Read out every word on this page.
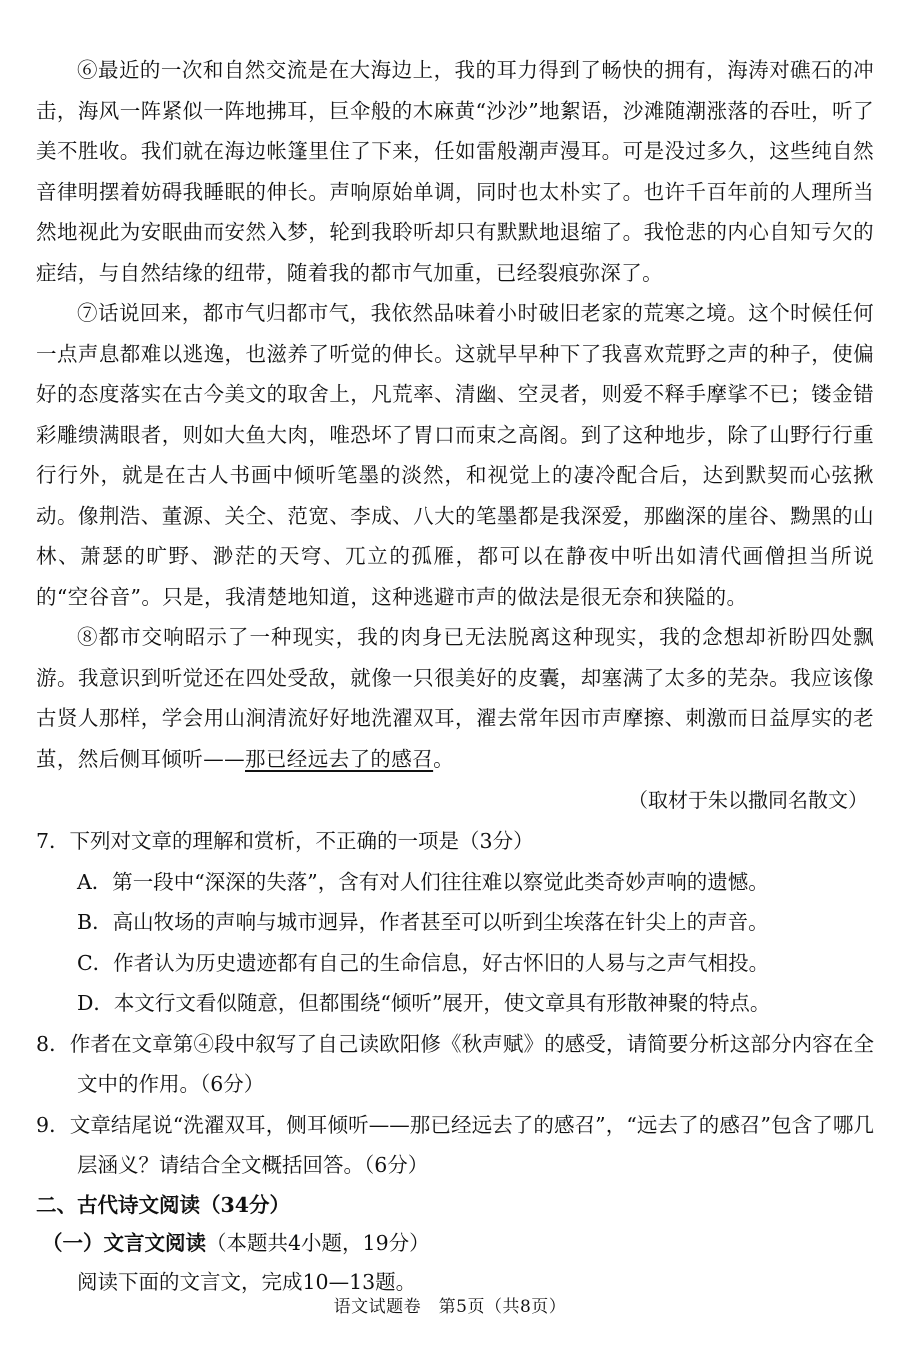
⑥最近的一次和自然交流是在大海边上，我的耳力得到了畅快的拥有，海涛对礁石的冲击，海风一阵紧似一阵地拂耳，巨伞般的木麻黄“沙沙”地絮语，沙滩随潮涨落的吞吐，听了美不胜收。我们就在海边帐篷里住了下来，任如雷般潮声漫耳。可是没过多久，这些纯自然音律明摆着妨碍我睡眠的伸长。声响原始单调，同时也太朴实了。也许千百年前的人理所当然地视此为安眠曲而安然入梦，轮到我聆听却只有默默地退缩了。我怆悲的内心自知亏欠的症结，与自然结缘的纽带，随着我的都市气加重，已经裂痕弥深了。

⑦话说回来，都市气归都市气，我依然品味着小时破旧老家的荒寒之境。这个时候任何一点声息都难以逃逸，也滋养了听觉的伸长。这就早早种下了我喜欢荒野之声的种子，使偏好的态度落实在古今美文的取舍上，凡荒率、清幽、空灵者，则爱不释手摩挲不已；镂金错彩雕缋满眼者，则如大鱼大肉，唯恐坏了胃口而束之高阁。到了这种地步，除了山野行行重行行外，就是在古人书画中倾听笔墨的淡然，和视觉上的凄冷配合后，达到默契而心弦揪动。像荆浩、董源、关仝、范宽、李成、八大的笔墨都是我深爱，那幽深的崖谷、黝黑的山林、萧瑟的旷野、渺茫的天穹、兀立的孤雁，都可以在静夜中听出如清代画僧担当所说的“空谷音”。只是，我清楚地知道，这种逃避市声的做法是很无奈和狭隘的。

⑧都市交响昭示了一种现实，我的肉身已无法脱离这种现实，我的念想却祈盼四处飘游。我意识到听觉还在四处受敌，就像一只很美好的皮囊，却塞满了太多的芜杂。我应该像古贤人那样，学会用山涧清流好好地洗濯双耳，濯去常年因市声摩擦、刺激而日益厚实的老茧，然后侧耳倾听——那已经远去了的感召。

（取材于朱以撒同名散文）

7．下列对文章的理解和赏析，不正确的一项是（3分）

A．第一段中“深深的失落”，含有对人们往往难以察觉此类奇妙声响的遗憾。

B．高山牧场的声响与城市迥异，作者甚至可以听到尘埃落在针尖上的声音。

C．作者认为历史遗迹都有自己的生命信息，好古怀旧的人易与之声气相投。

D．本文行文看似随意，但都围绕“倾听”展开，使文章具有形散神聚的特点。

8．作者在文章第④段中叙写了自己读欧阳修《秋声赋》的感受，请简要分析这部分内容在全文中的作用。（6分）

9．文章结尾说“洗濯双耳，侧耳倾听——那已经远去了的感召”，“远去了的感召”包含了哪几层涵义？请结合全文概括回答。（6分）

二、古代诗文阅读（34分）

（一）文言文阅读（本题共4小题，19分）

阅读下面的文言文，完成10—13题。

语文试题卷　第5页（共8页）
